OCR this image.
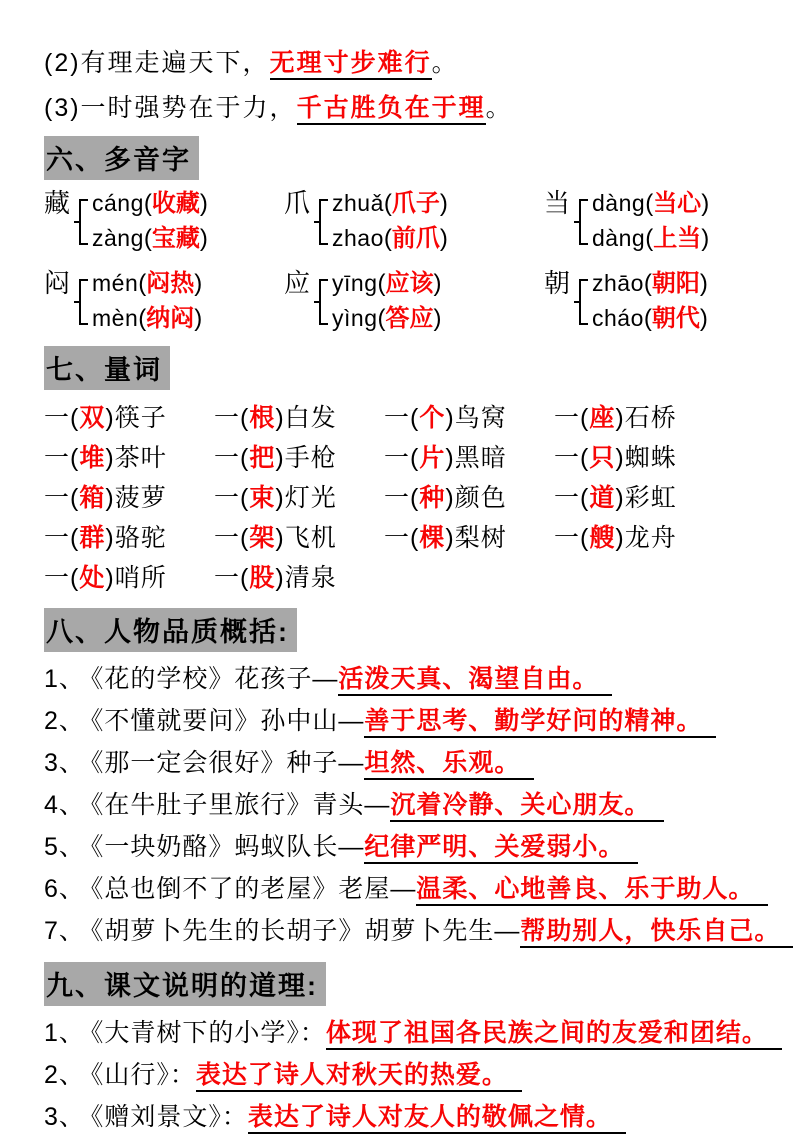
(2)有理走遍天下，无理寸步难行。
(3)一时强势在于力，千古胜负在于理。
六、多音字
藏 cáng(收藏)
zàng(宝藏)
爪 zhuǎ(爪子)
zhao(前爪)
当 dàng(当心)
dàng(上当)
闷 mén(闷热)
mèn(纳闷)
应 yīng(应该)
yìng(答应)
朝 zhāo(朝阳)
cháo(朝代)
七、量词
一(双)筷子	一(根)白发	一(个)鸟窝	一(座)石桥
一(堆)茶叶	一(把)手枪	一(片)黑暗	一(只)蜘蛛
一(箱)菠萝	一(束)灯光	一(种)颜色	一(道)彩虹
一(群)骆驼	一(架)飞机	一(棵)梨树	一(艘)龙舟
一(处)哨所	一(股)清泉
八、人物品质概括:
1、 《花的学校》花孩子—活泼天真、渴望自由。
2、 《不懂就要问》孙中山—善于思考、勤学好问的精神。
3、 《那一定会很好》种子—坦然、乐观。
4、 《在牛肚子里旅行》青头—沉着冷静、关心朋友。
5、 《一块奶酪》蚂蚁队长—纪律严明、关爱弱小。
6、 《总也倒不了的老屋》老屋—温柔、心地善良、乐于助人。
7、 《胡萝卜先生的长胡子》胡萝卜先生—帮助别人，快乐自己。
九、课文说明的道理:
1、 《大青树下的小学》：体现了祖国各民族之间的友爱和团结。
2、 《山行》：表达了诗人对秋天的热爱。
3、 《赠刘景文》：表达了诗人对友人的敬佩之情。
